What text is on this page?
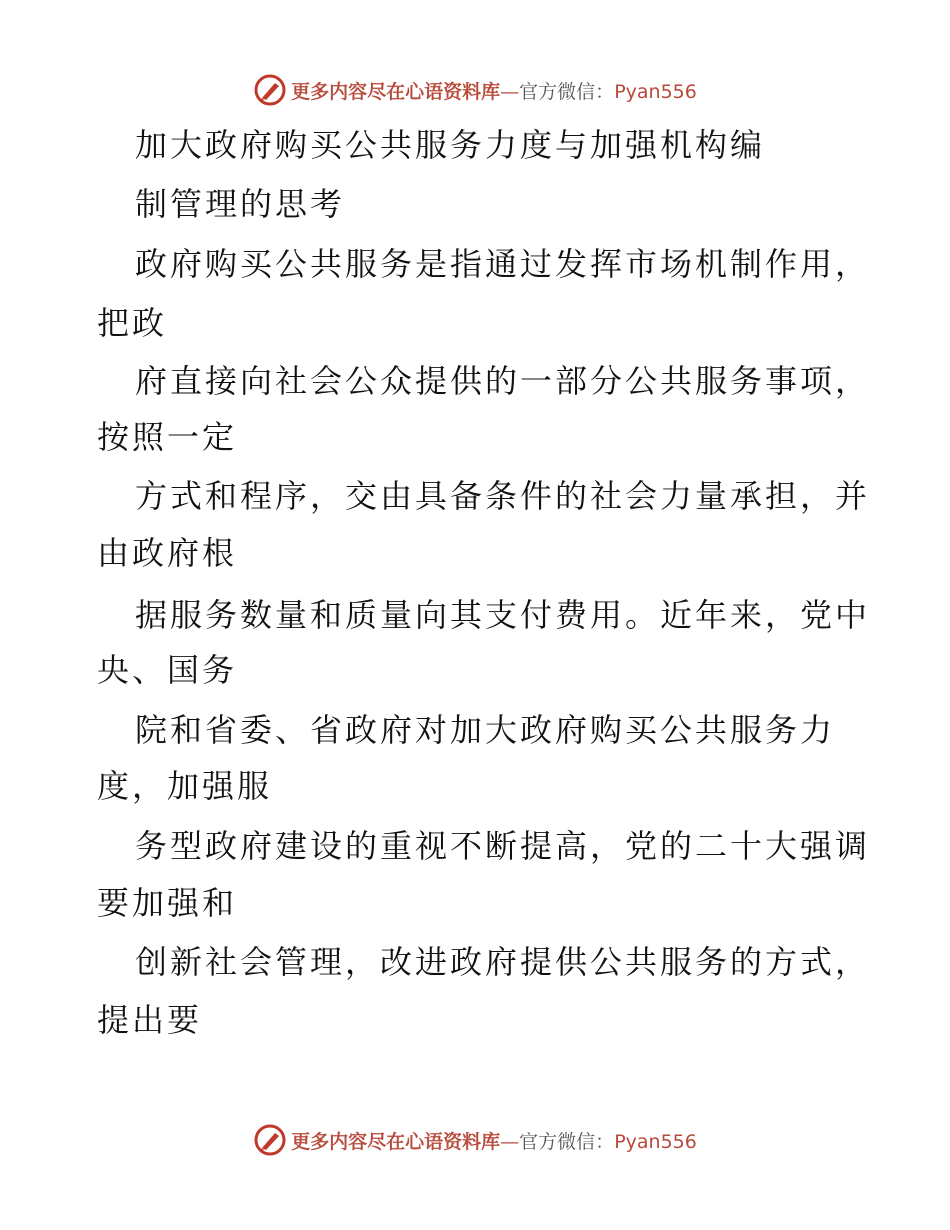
更多内容尽在心语资料库—官方微信：Pyan556
加大政府购买公共服务力度与加强机构编
制管理的思考
政府购买公共服务是指通过发挥市场机制作用，
把政
府直接向社会公众提供的一部分公共服务事项，
按照一定
方式和程序，交由具备条件的社会力量承担，并
由政府根
据服务数量和质量向其支付费用。近年来，党中
央、国务
院和省委、省政府对加大政府购买公共服务力
度，加强服
务型政府建设的重视不断提高，党的二十大强调
要加强和
创新社会管理，改进政府提供公共服务的方式，
提出要
更多内容尽在心语资料库—官方微信：Pyan556
